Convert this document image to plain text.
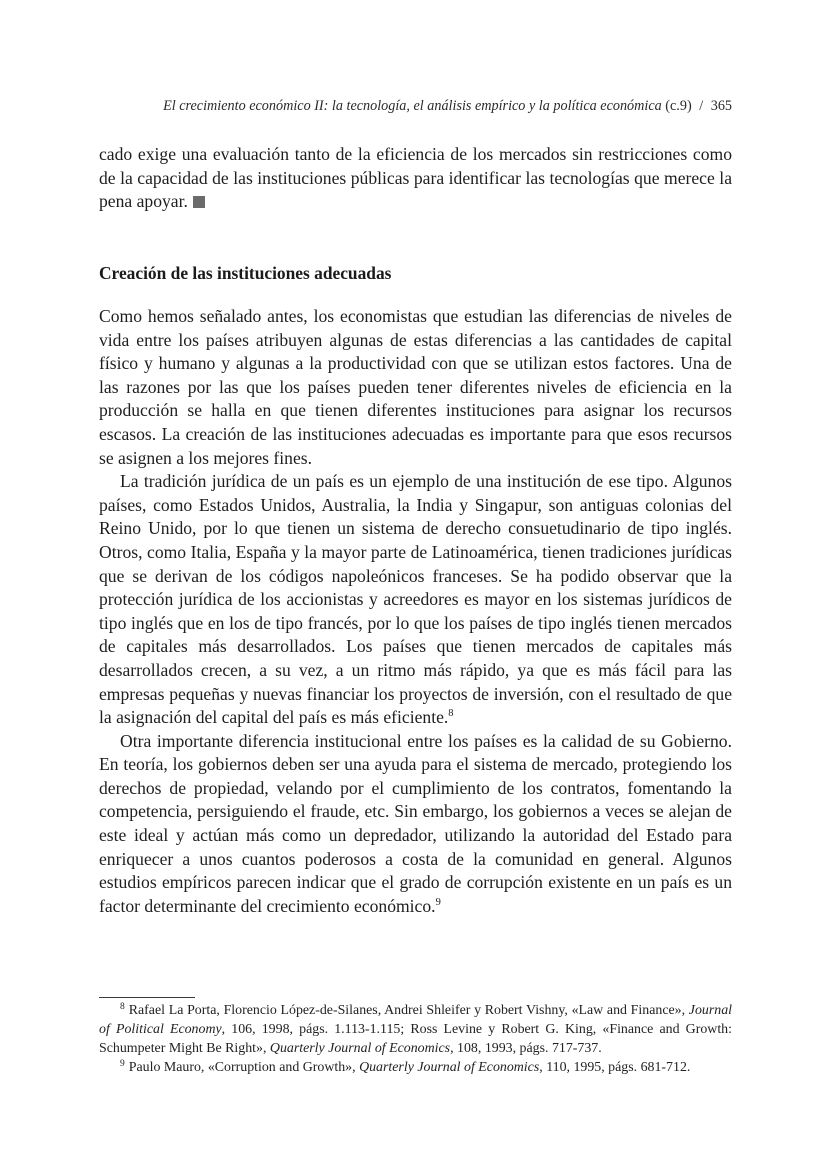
El crecimiento económico II: la tecnología, el análisis empírico y la política económica (c.9) / 365

cado exige una evaluación tanto de la eficiencia de los mercados sin restricciones como de la capacidad de las instituciones públicas para identificar las tecnologías que merece la pena apoyar.

Creación de las instituciones adecuadas

Como hemos señalado antes, los economistas que estudian las diferencias de niveles de vida entre los países atribuyen algunas de estas diferencias a las cantidades de capital físico y humano y algunas a la productividad con que se utilizan estos factores. Una de las razones por las que los países pueden tener diferentes niveles de eficiencia en la producción se halla en que tienen diferentes instituciones para asignar los recursos escasos. La creación de las instituciones adecuadas es importante para que esos recursos se asignen a los mejores fines.

La tradición jurídica de un país es un ejemplo de una institución de ese tipo. Algunos países, como Estados Unidos, Australia, la India y Singapur, son antiguas colonias del Reino Unido, por lo que tienen un sistema de derecho consuetudinario de tipo inglés. Otros, como Italia, España y la mayor parte de Latinoamérica, tienen tradiciones jurídicas que se derivan de los códigos napoleónicos franceses. Se ha podido observar que la protección jurídica de los accionistas y acreedores es mayor en los sistemas jurídicos de tipo inglés que en los de tipo francés, por lo que los países de tipo inglés tienen mercados de capitales más desarrollados. Los países que tienen mercados de capitales más desarrollados crecen, a su vez, a un ritmo más rápido, ya que es más fácil para las empresas pequeñas y nuevas financiar los proyectos de inversión, con el resultado de que la asignación del capital del país es más eficiente.$^8$

Otra importante diferencia institucional entre los países es la calidad de su Gobierno. En teoría, los gobiernos deben ser una ayuda para el sistema de mercado, protegiendo los derechos de propiedad, velando por el cumplimiento de los contratos, fomentando la competencia, persiguiendo el fraude, etc. Sin embargo, los gobiernos a veces se alejan de este ideal y actúan más como un depredador, utilizando la autoridad del Estado para enriquecer a unos cuantos poderosos a costa de la comunidad en general. Algunos estudios empíricos parecen indicar que el grado de corrupción existente en un país es un factor determinante del crecimiento económico.$^9$

$^8$ Rafael La Porta, Florencio López-de-Silanes, Andrei Shleifer y Robert Vishny, «Law and Finance», Journal of Political Economy, 106, 1998, págs. 1.113-1.115; Ross Levine y Robert G. King, «Finance and Growth: Schumpeter Might Be Right», Quarterly Journal of Economics, 108, 1993, págs. 717-737.

$^9$ Paulo Mauro, «Corruption and Growth», Quarterly Journal of Economics, 110, 1995, págs. 681-712.
